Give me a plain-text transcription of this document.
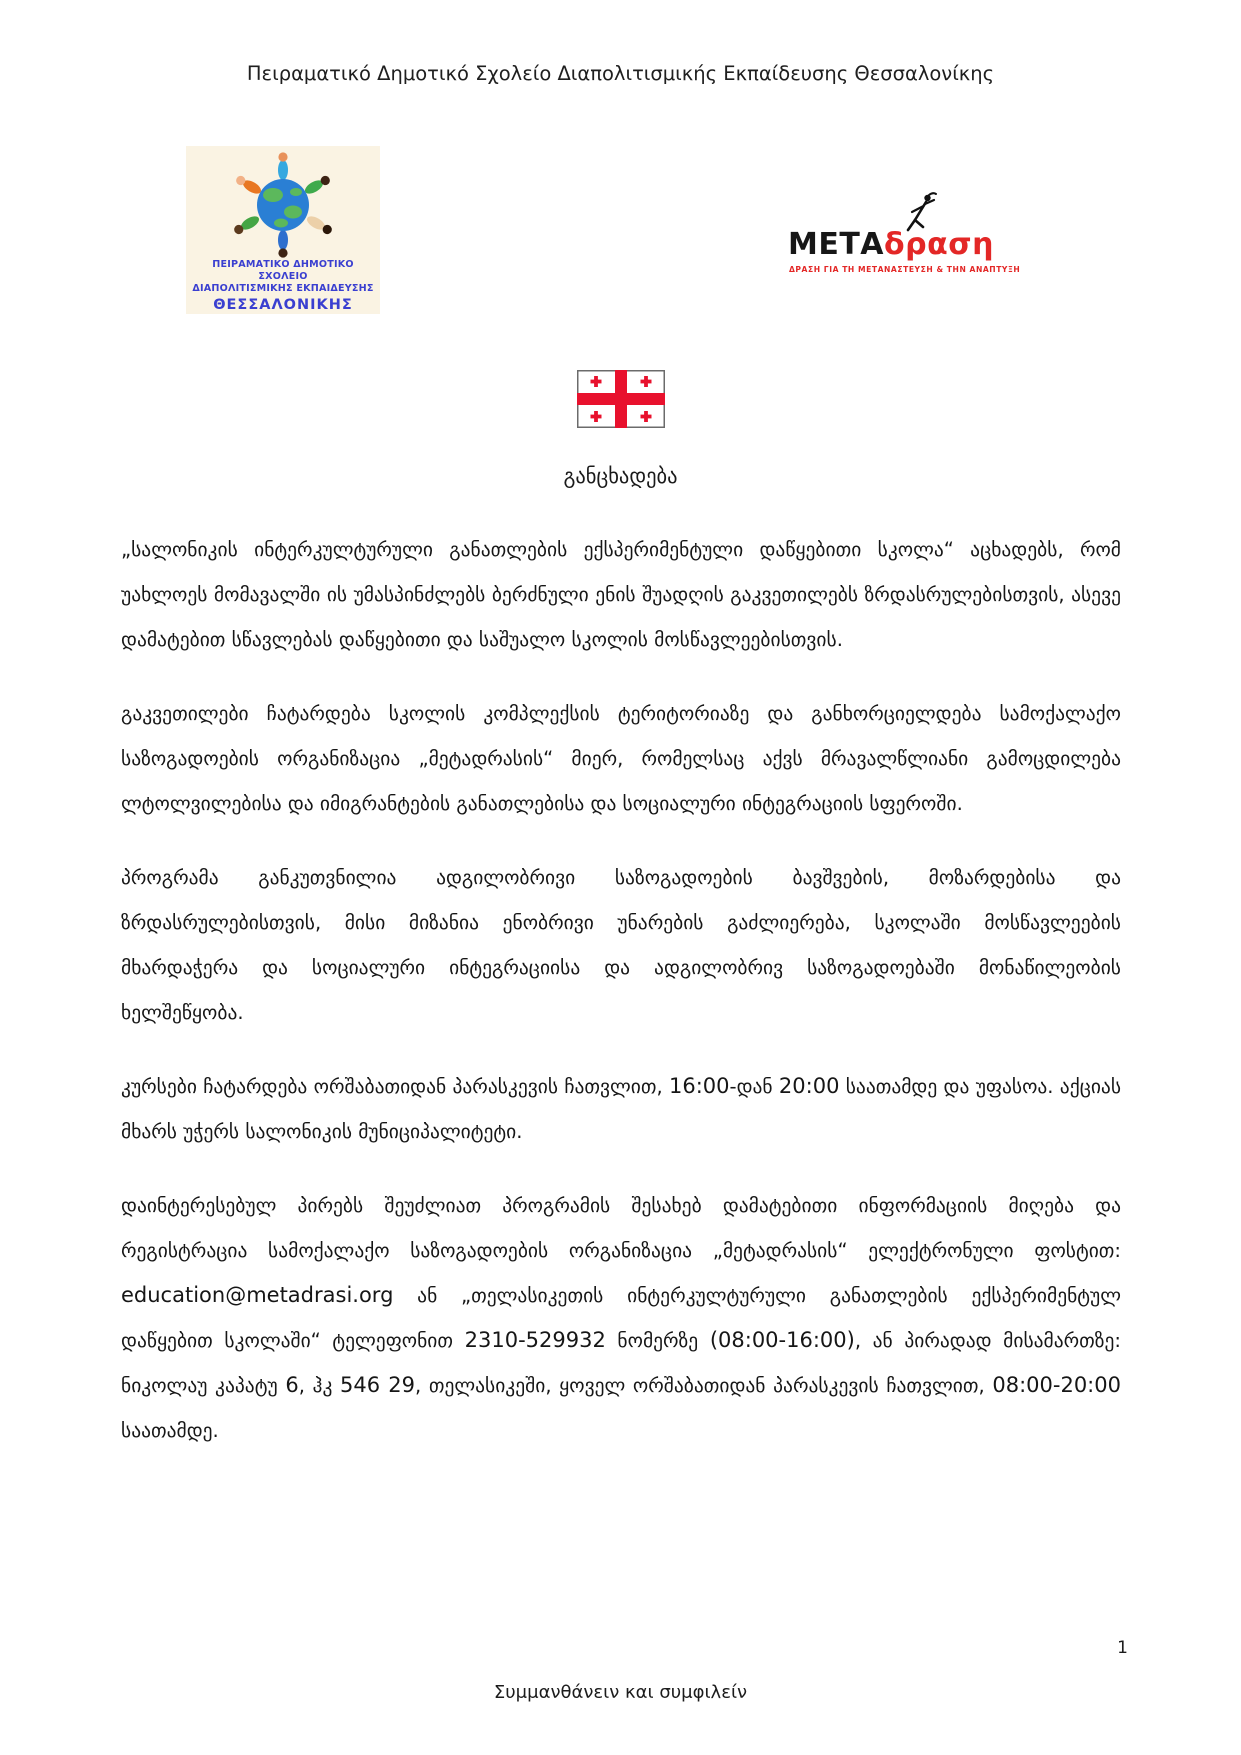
Πειραματικό Δημοτικό Σχολείο Διαπολιτισμικής Εκπαίδευσης Θεσσαλονίκης
ΠΕΙΡΑΜΑΤΙΚΟ ΔΗΜΟΤΙΚΟ ΣΧΟΛΕΙΟ
ΔΙΑΠΟΛΙΤΙΣΜΙΚΗΣ ΕΚΠΑΙΔΕΥΣΗΣ
ΘΕΣΣΑΛΟΝΙΚΗΣ
ΜΕΤΑδραση
ΔΡΑΣΗ ΓΙΑ ΤΗ ΜΕΤΑΝΑΣΤΕΥΣΗ & ΤΗΝ ΑΝΑΠΤΥΞΗ
განცხადება

„სალონიკის ინტერკულტურული განათლების ექსპერიმენტული დაწყებითი სკოლა“ აცხადებს, რომ უახლოეს მომავალში ის უმასპინძლებს ბერძნული ენის შუადღის გაკვეთილებს ზრდასრულებისთვის, ასევე დამატებით სწავლებას დაწყებითი და საშუალო სკოლის მოსწავლეებისთვის.

გაკვეთილები ჩატარდება სკოლის კომპლექსის ტერიტორიაზე და განხორციელდება სამოქალაქო საზოგადოების ორგანიზაცია „მეტადრასის“ მიერ, რომელსაც აქვს მრავალწლიანი გამოცდილება ლტოლვილებისა და იმიგრანტების განათლებისა და სოციალური ინტეგრაციის სფეროში.

პროგრამა განკუთვნილია ადგილობრივი საზოგადოების ბავშვების, მოზარდებისა და ზრდასრულებისთვის, მისი მიზანია ენობრივი უნარების გაძლიერება, სკოლაში მოსწავლეების მხარდაჭერა და სოციალური ინტეგრაციისა და ადგილობრივ საზოგადოებაში მონაწილეობის ხელშეწყობა.

კურსები ჩატარდება ორშაბათიდან პარასკევის ჩათვლით, 16:00-დან 20:00 საათამდე და უფასოა. აქციას მხარს უჭერს სალონიკის მუნიციპალიტეტი.

დაინტერესებულ პირებს შეუძლიათ პროგრამის შესახებ დამატებითი ინფორმაციის მიღება და რეგისტრაცია სამოქალაქო საზოგადოების ორგანიზაცია „მეტადრასის“ ელექტრონული ფოსტით: education@metadrasi.org ან „თელასიკეთის ინტერკულტურული განათლების ექსპერიმენტულ დაწყებით სკოლაში“ ტელეფონით 2310-529932 ნომერზე (08:00-16:00), ან პირადად მისამართზე: ნიკოლაუ კაპატუ 6, ჰკ 546 29, თელასიკეში, ყოველ ორშაბათიდან პარასკევის ჩათვლით, 08:00-20:00 საათამდე.

1
Συμμανθάνειν και συμφιλείν
